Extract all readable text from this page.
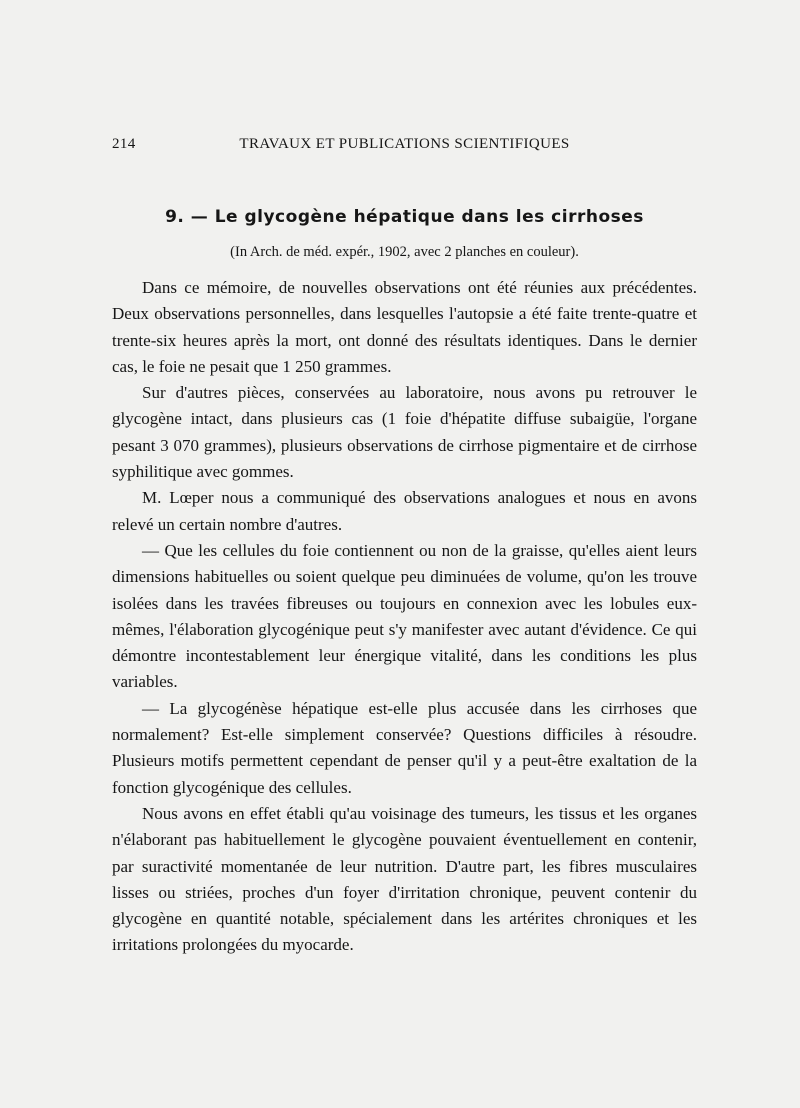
214	TRAVAUX ET PUBLICATIONS SCIENTIFIQUES
9. — Le glycogène hépatique dans les cirrhoses
(In Arch. de méd. expér., 1902, avec 2 planches en couleur).

Dans ce mémoire, de nouvelles observations ont été réunies aux précédentes. Deux observations personnelles, dans lesquelles l'autopsie a été faite trente-quatre et trente-six heures après la mort, ont donné des résultats identiques. Dans le dernier cas, le foie ne pesait que 1 250 grammes.

Sur d'autres pièces, conservées au laboratoire, nous avons pu retrouver le glycogène intact, dans plusieurs cas (1 foie d'hépatite diffuse subaigüe, l'organe pesant 3 070 grammes), plusieurs observations de cirrhose pigmentaire et de cirrhose syphilitique avec gommes.

M. Lœper nous a communiqué des observations analogues et nous en avons relevé un certain nombre d'autres.

— Que les cellules du foie contiennent ou non de la graisse, qu'elles aient leurs dimensions habituelles ou soient quelque peu diminuées de volume, qu'on les trouve isolées dans les travées fibreuses ou toujours en connexion avec les lobules eux-mêmes, l'élaboration glycogénique peut s'y manifester avec autant d'évidence. Ce qui démontre incontestablement leur énergique vitalité, dans les conditions les plus variables.

— La glycogénèse hépatique est-elle plus accusée dans les cirrhoses que normalement? Est-elle simplement conservée? Questions difficiles à résoudre. Plusieurs motifs permettent cependant de penser qu'il y a peut-être exaltation de la fonction glycogénique des cellules.

Nous avons en effet établi qu'au voisinage des tumeurs, les tissus et les organes n'élaborant pas habituellement le glycogène pouvaient éventuellement en contenir, par suractivité momentanée de leur nutrition. D'autre part, les fibres musculaires lisses ou striées, proches d'un foyer d'irritation chronique, peuvent contenir du glycogène en quantité notable, spécialement dans les artérites chroniques et les irritations prolongées du myocarde.
